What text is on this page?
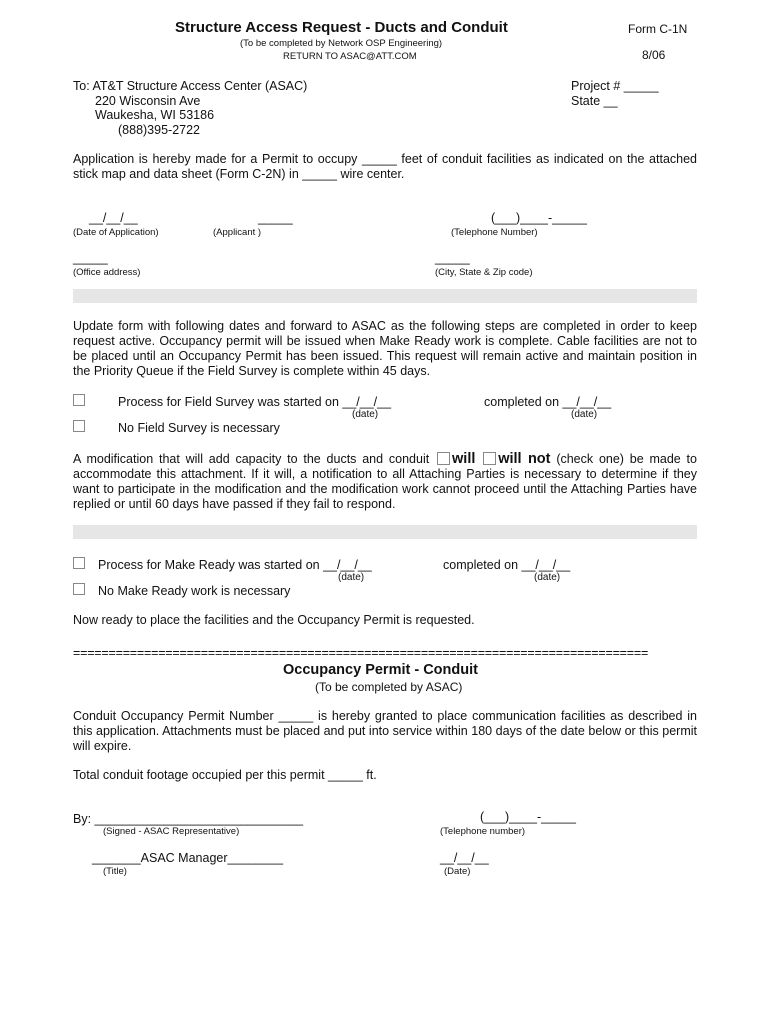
Structure Access Request - Ducts and Conduit
(To be completed by Network OSP Engineering)
RETURN TO ASAC@ATT.COM
Form C-1N
8/06
To: AT&T Structure Access Center (ASAC)
220 Wisconsin Ave
Waukesha, WI 53186
(888)395-2722
Project # _____
State __
Application is hereby made for a Permit to occupy _____ feet of conduit facilities as indicated on the attached stick map and data sheet (Form C-2N) in _____ wire center.
__/__/__
(Date of Application)
_____
(Applicant )
(___)____-_____
(Telephone Number)
_____
(Office address)
_____
(City, State & Zip code)
Update form with following dates and forward to ASAC as the following steps are completed in order to keep request active. Occupancy permit will be issued when Make Ready work is complete. Cable facilities are not to be placed until an Occupancy Permit has been issued. This request will remain active and maintain position in the Priority Queue if the Field Survey is complete within 45 days.
Process for Field Survey was started on __/__/__
(date)
completed on __/__/__
(date)
No Field Survey is necessary
A modification that will add capacity to the ducts and conduit will will not (check one) be made to accommodate this attachment. If it will, a notification to all Attaching Parties is necessary to determine if they want to participate in the modification and the modification work cannot proceed until the Attaching Parties have replied or until 60 days have passed if they fail to respond.
Process for Make Ready was started on __/__/__
(date)
completed on __/__/__
(date)
No Make Ready work is necessary
Now ready to place the facilities and the Occupancy Permit is requested.
=================================================================================
Occupancy Permit - Conduit
(To be completed by ASAC)
Conduit Occupancy Permit Number _____ is hereby granted to place communication facilities as described in this application. Attachments must be placed and put into service within 180 days of the date below or this permit will expire.
Total conduit footage occupied per this permit _____ ft.
By: ______________________________
(Signed - ASAC Representative)
(___)____-_____
(Telephone number)
_______ASAC Manager________
(Title)
__/__/__
(Date)
